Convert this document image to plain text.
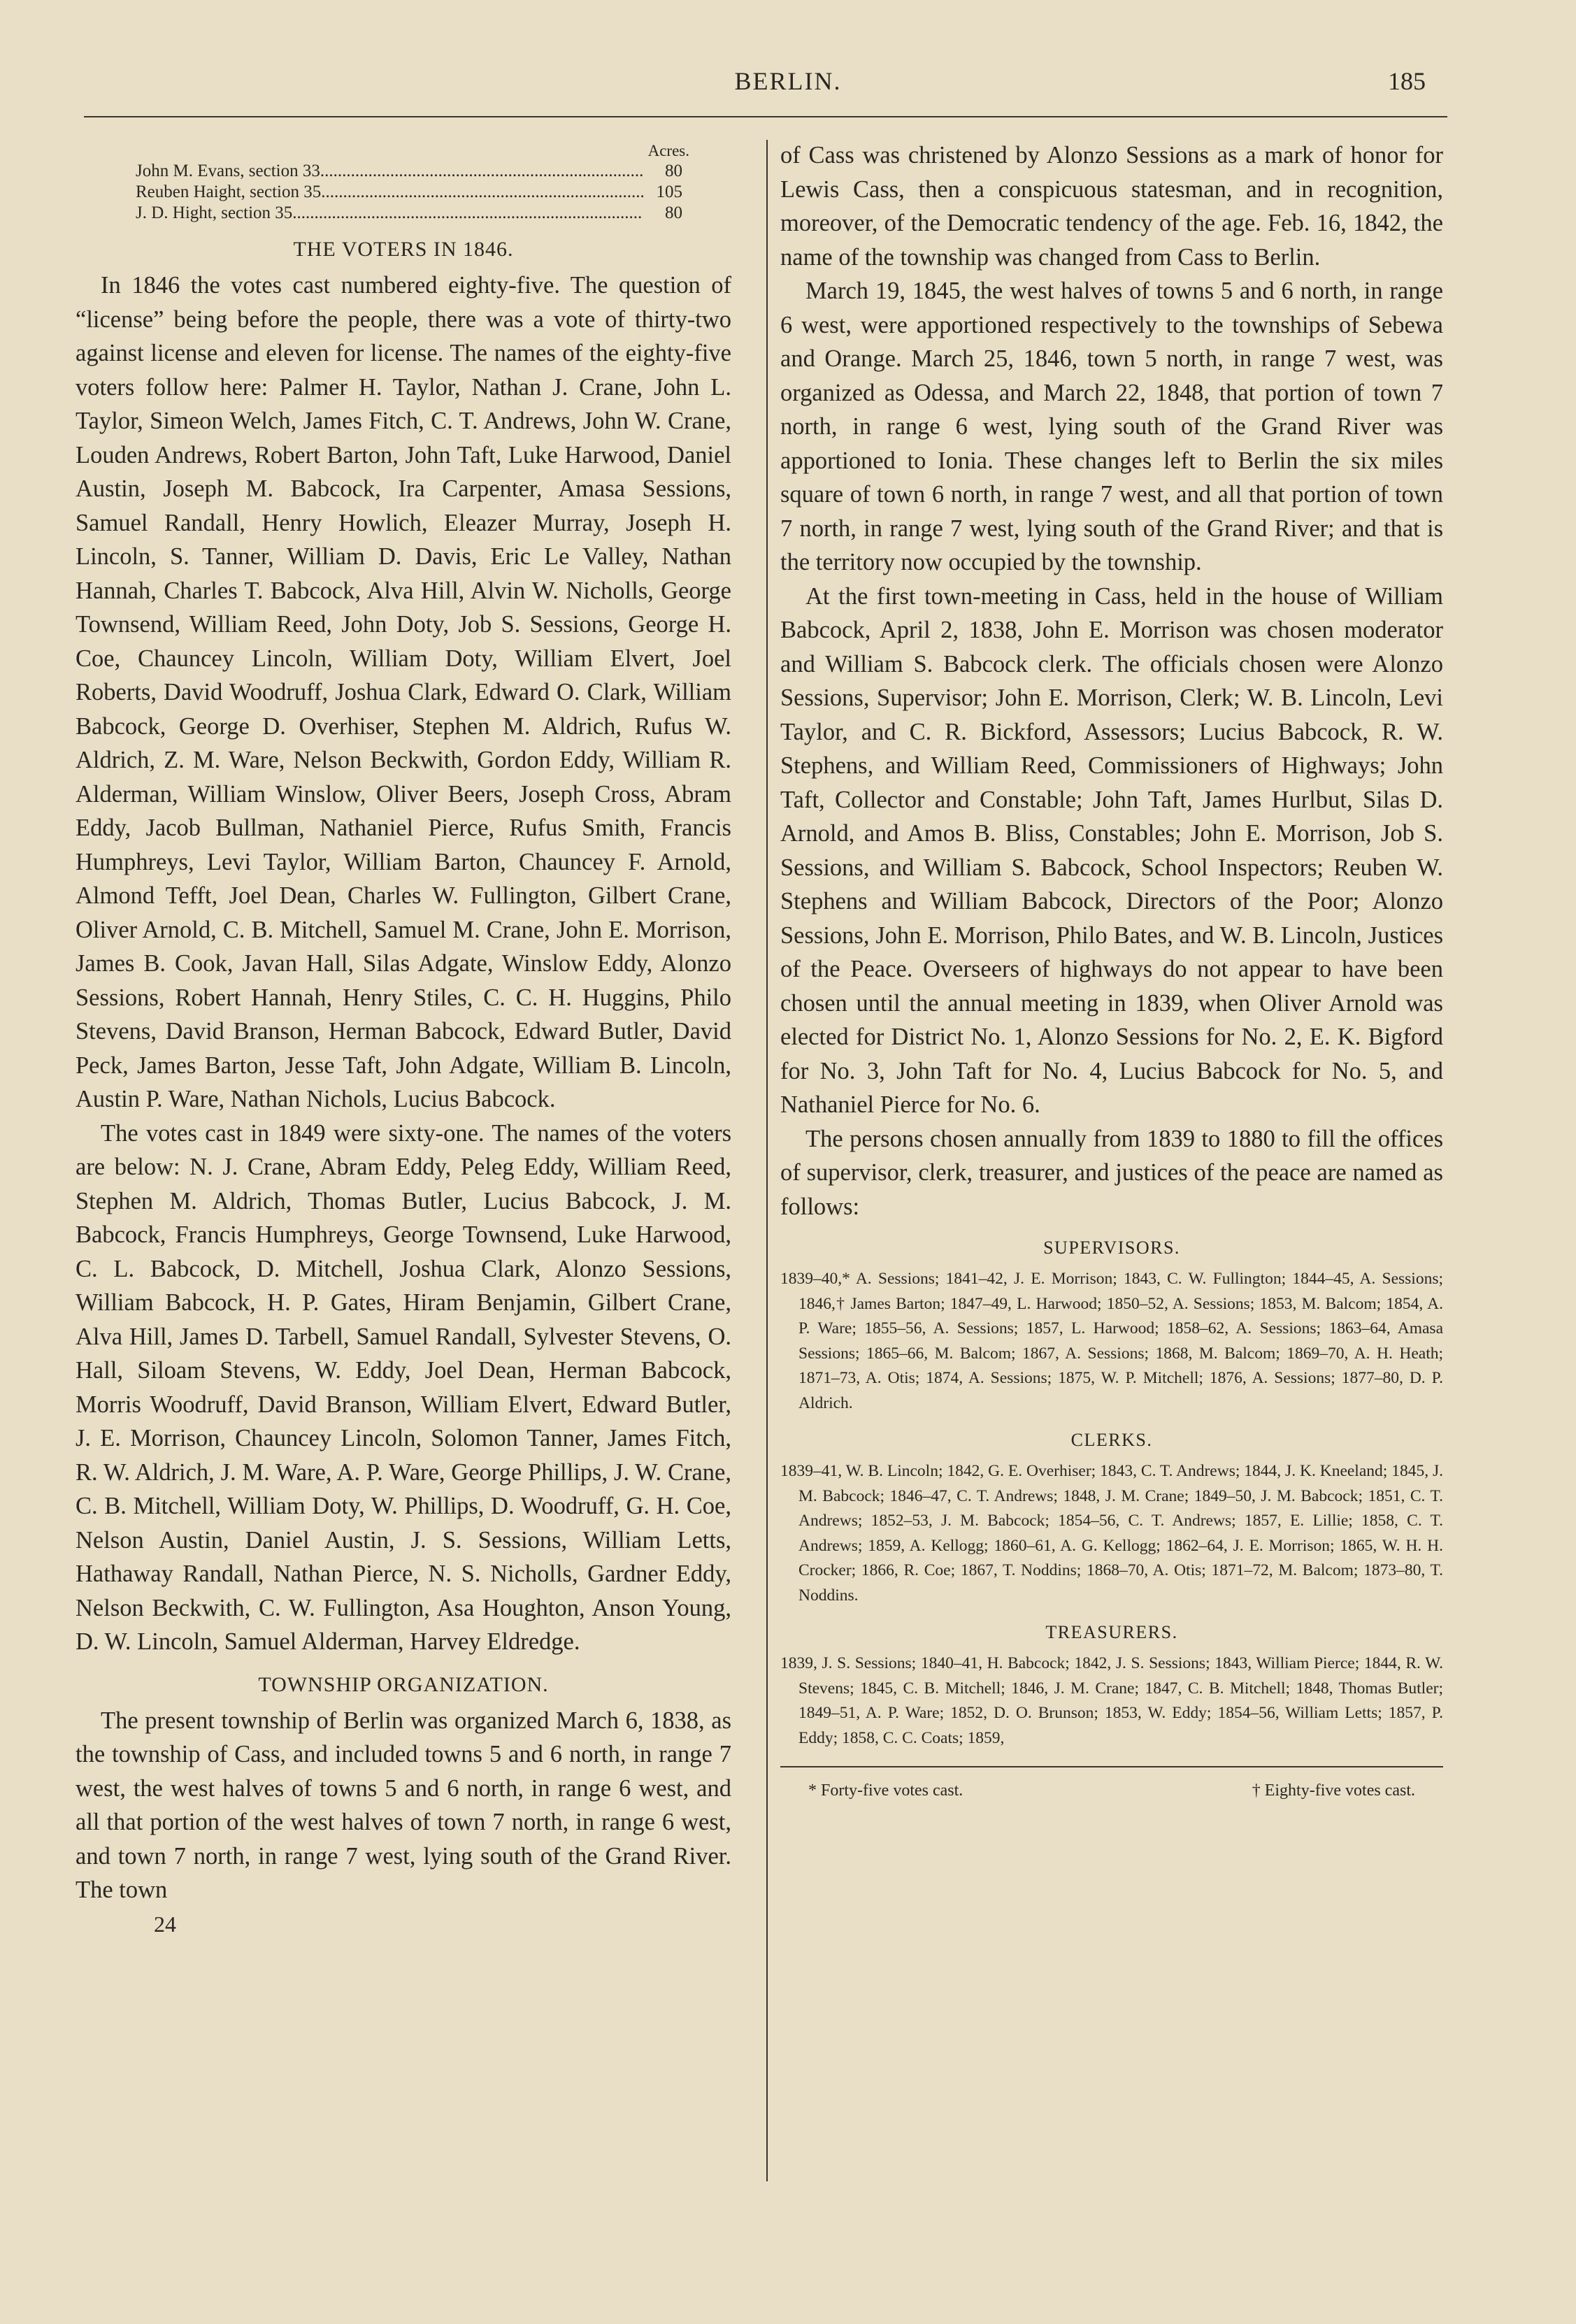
BERLIN.	185
Acres.
John M. Evans, section 33 .....	80
Reuben Haight, section 35 .....	105
J. D. Hight, section 35 .....	80
THE VOTERS IN 1846.

In 1846 the votes cast numbered eighty-five. The question of “license” being before the people, there was a vote of thirty-two against license and eleven for license. The names of the eighty-five voters follow here: Palmer H. Taylor, Nathan J. Crane, John L. Taylor, Simeon Welch, James Fitch, C. T. Andrews, John W. Crane, Louden Andrews, Robert Barton, John Taft, Luke Harwood, Daniel Austin, Joseph M. Babcock, Ira Carpenter, Amasa Sessions, Samuel Randall, Henry Howlich, Eleazer Murray, Joseph H. Lincoln, S. Tanner, William D. Davis, Eric Le Valley, Nathan Hannah, Charles T. Babcock, Alva Hill, Alvin W. Nicholls, George Townsend, William Reed, John Doty, Job S. Sessions, George H. Coe, Chauncey Lincoln, William Doty, William Elvert, Joel Roberts, David Woodruff, Joshua Clark, Edward O. Clark, William Babcock, George D. Overhiser, Stephen M. Aldrich, Rufus W. Aldrich, Z. M. Ware, Nelson Beckwith, Gordon Eddy, William R. Alderman, William Winslow, Oliver Beers, Joseph Cross, Abram Eddy, Jacob Bullman, Nathaniel Pierce, Rufus Smith, Francis Humphreys, Levi Taylor, William Barton, Chauncey F. Arnold, Almond Tefft, Joel Dean, Charles W. Fullington, Gilbert Crane, Oliver Arnold, C. B. Mitchell, Samuel M. Crane, John E. Morrison, James B. Cook, Javan Hall, Silas Adgate, Winslow Eddy, Alonzo Sessions, Robert Hannah, Henry Stiles, C. C. H. Huggins, Philo Stevens, David Branson, Herman Babcock, Edward Butler, David Peck, James Barton, Jesse Taft, John Adgate, William B. Lincoln, Austin P. Ware, Nathan Nichols, Lucius Babcock.

The votes cast in 1849 were sixty-one. The names of the voters are below: N. J. Crane, Abram Eddy, Peleg Eddy, William Reed, Stephen M. Aldrich, Thomas Butler, Lucius Babcock, J. M. Babcock, Francis Humphreys, George Townsend, Luke Harwood, C. L. Babcock, D. Mitchell, Joshua Clark, Alonzo Sessions, William Babcock, H. P. Gates, Hiram Benjamin, Gilbert Crane, Alva Hill, James D. Tarbell, Samuel Randall, Sylvester Stevens, O. Hall, Siloam Stevens, W. Eddy, Joel Dean, Herman Babcock, Morris Woodruff, David Branson, William Elvert, Edward Butler, J. E. Morrison, Chauncey Lincoln, Solomon Tanner, James Fitch, R. W. Aldrich, J. M. Ware, A. P. Ware, George Phillips, J. W. Crane, C. B. Mitchell, William Doty, W. Phillips, D. Woodruff, G. H. Coe, Nelson Austin, Daniel Austin, J. S. Sessions, William Letts, Hathaway Randall, Nathan Pierce, N. S. Nicholls, Gardner Eddy, Nelson Beckwith, C. W. Fullington, Asa Houghton, Anson Young, D. W. Lincoln, Samuel Alderman, Harvey Eldredge.

TOWNSHIP ORGANIZATION.

The present township of Berlin was organized March 6, 1838, as the township of Cass, and included towns 5 and 6 north, in range 7 west, the west halves of towns 5 and 6 north, in range 6 west, and all that portion of the west halves of town 7 north, in range 6 west, and town 7 north, in range 7 west, lying south of the Grand River. The town

24

of Cass was christened by Alonzo Sessions as a mark of honor for Lewis Cass, then a conspicuous statesman, and in recognition, moreover, of the Democratic tendency of the age. Feb. 16, 1842, the name of the township was changed from Cass to Berlin.

March 19, 1845, the west halves of towns 5 and 6 north, in range 6 west, were apportioned respectively to the townships of Sebewa and Orange. March 25, 1846, town 5 north, in range 7 west, was organized as Odessa, and March 22, 1848, that portion of town 7 north, in range 6 west, lying south of the Grand River was apportioned to Ionia. These changes left to Berlin the six miles square of town 6 north, in range 7 west, and all that portion of town 7 north, in range 7 west, lying south of the Grand River; and that is the territory now occupied by the township.

At the first town-meeting in Cass, held in the house of William Babcock, April 2, 1838, John E. Morrison was chosen moderator and William S. Babcock clerk. The officials chosen were Alonzo Sessions, Supervisor; John E. Morrison, Clerk; W. B. Lincoln, Levi Taylor, and C. R. Bickford, Assessors; Lucius Babcock, R. W. Stephens, and William Reed, Commissioners of Highways; John Taft, Collector and Constable; John Taft, James Hurlbut, Silas D. Arnold, and Amos B. Bliss, Constables; John E. Morrison, Job S. Sessions, and William S. Babcock, School Inspectors; Reuben W. Stephens and William Babcock, Directors of the Poor; Alonzo Sessions, John E. Morrison, Philo Bates, and W. B. Lincoln, Justices of the Peace. Overseers of highways do not appear to have been chosen until the annual meeting in 1839, when Oliver Arnold was elected for District No. 1, Alonzo Sessions for No. 2, E. K. Bigford for No. 3, John Taft for No. 4, Lucius Babcock for No. 5, and Nathaniel Pierce for No. 6.

The persons chosen annually from 1839 to 1880 to fill the offices of supervisor, clerk, treasurer, and justices of the peace are named as follows:

SUPERVISORS.

1839–40,* A. Sessions; 1841–42, J. E. Morrison; 1843, C. W. Fullington; 1844–45, A. Sessions; 1846,† James Barton; 1847–49, L. Harwood; 1850–52, A. Sessions; 1853, M. Balcom; 1854, A. P. Ware; 1855–56, A. Sessions; 1857, L. Harwood; 1858–62, A. Sessions; 1863–64, Amasa Sessions; 1865–66, M. Balcom; 1867, A. Sessions; 1868, M. Balcom; 1869–70, A. H. Heath; 1871–73, A. Otis; 1874, A. Sessions; 1875, W. P. Mitchell; 1876, A. Sessions; 1877–80, D. P. Aldrich.

CLERKS.

1839–41, W. B. Lincoln; 1842, G. E. Overhiser; 1843, C. T. Andrews; 1844, J. K. Kneeland; 1845, J. M. Babcock; 1846–47, C. T. Andrews; 1848, J. M. Crane; 1849–50, J. M. Babcock; 1851, C. T. Andrews; 1852–53, J. M. Babcock; 1854–56, C. T. Andrews; 1857, E. Lillie; 1858, C. T. Andrews; 1859, A. Kellogg; 1860–61, A. G. Kellogg; 1862–64, J. E. Morrison; 1865, W. H. H. Crocker; 1866, R. Coe; 1867, T. Noddins; 1868–70, A. Otis; 1871–72, M. Balcom; 1873–80, T. Noddins.

TREASURERS.

1839, J. S. Sessions; 1840–41, H. Babcock; 1842, J. S. Sessions; 1843, William Pierce; 1844, R. W. Stevens; 1845, C. B. Mitchell; 1846, J. M. Crane; 1847, C. B. Mitchell; 1848, Thomas Butler; 1849–51, A. P. Ware; 1852, D. O. Brunson; 1853, W. Eddy; 1854–56, William Letts; 1857, P. Eddy; 1858, C. C. Coats; 1859,

* Forty-five votes cast.	† Eighty-five votes cast.
